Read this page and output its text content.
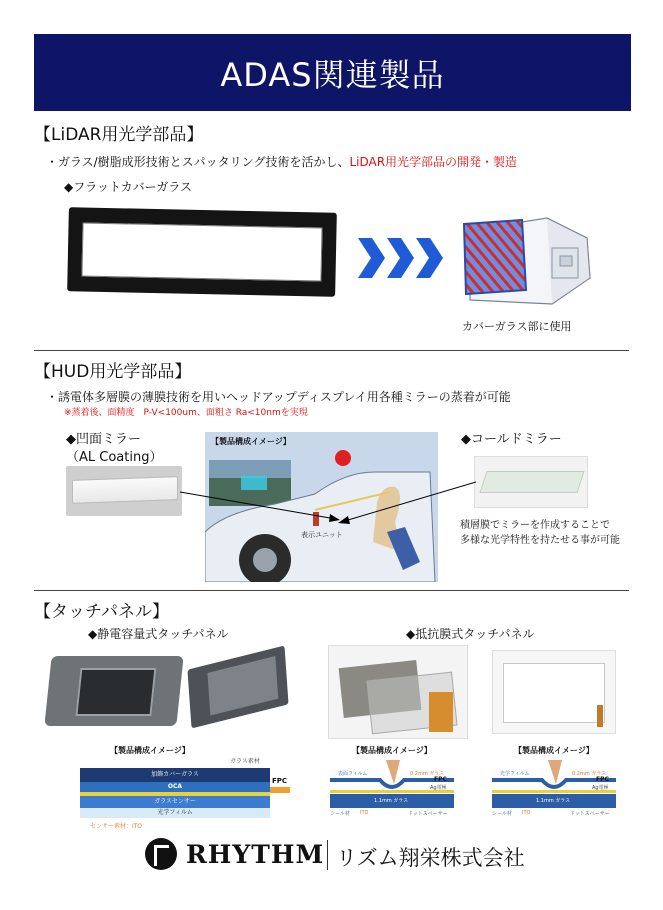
ADAS関連製品
【LiDAR用光学部品】
・ガラス/樹脂成形技術とスパッタリング技術を活かし、LiDAR用光学部品の開発・製造
◆フラットカバーガラス
カバーガラス部に使用
【HUD用光学部品】
・誘電体多層膜の薄膜技術を用いヘッドアップディスプレイ用各種ミラーの蒸着が可能
※蒸着後、面精度　P-V<100um、面粗さ Ra<10nmを実現
◆凹面ミラー
（AL Coating）
【製品構成イメージ】
表示ユニット
◆コールドミラー
積層膜でミラーを作成することで
多様な光学特性を持たせる事が可能
【タッチパネル】
◆静電容量式タッチパネル	◆抵抗膜式タッチパネル
【製品構成イメージ】
加飾カバーガラス
OCA
ガラスセンサー
光学フィルム
センサー素材：ITO
ガラス素材
FPC
【製品構成イメージ】
表面フィルム	0.2mm ガラス
1.1mm ガラス
シール材 ITO	ドットスペーサー
Ag電極
FPC
【製品構成イメージ】
光学フィルム	0.2mm ガラス
1.1mm ガラス
シール材 ITO	ドットスペーサー
Ag電極
FPC
RHYTHM リズム翔栄株式会社
